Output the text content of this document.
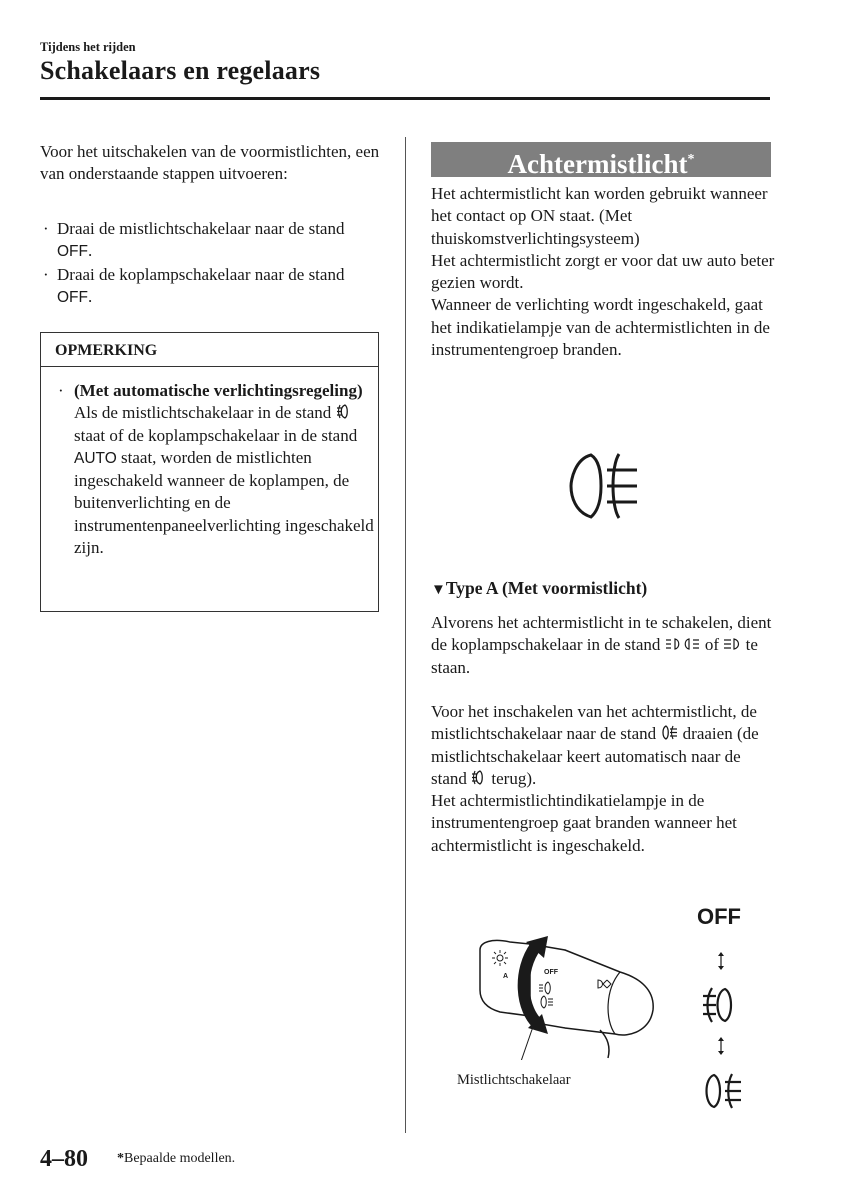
Tijdens het rijden
Schakelaars en regelaars

Voor het uitschakelen van de voormistlichten, een van onderstaande stappen uitvoeren:

· Draai de mistlichtschakelaar naar de stand OFF.
· Draai de koplampschakelaar naar de stand OFF.
OPMERKING
· (Met automatische verlichtingsregeling)
Als de mistlichtschakelaar in de stand  staat of de koplampschakelaar in de stand AUTO staat, worden de mistlichten ingeschakeld wanneer de koplampen, de buitenverlichting en de instrumentenpaneelverlichting ingeschakeld zijn.
Achtermistlicht*
Het achtermistlicht kan worden gebruikt wanneer het contact op ON staat. (Met thuiskomstverlichtingsysteem)
Het achtermistlicht zorgt er voor dat uw auto beter gezien wordt.
Wanneer de verlichting wordt ingeschakeld, gaat het indikatielampje van de achtermistlichten in de instrumentengroep branden.
▼Type A (Met voormistlicht)
Alvorens het achtermistlicht in te schakelen, dient de koplampschakelaar in de stand  of  te staan.
Voor het inschakelen van het achtermistlicht, de mistlichtschakelaar naar de stand  draaien (de mistlichtschakelaar keert automatisch naar de stand  terug).
Het achtermistlichtindikatielampje in de instrumentengroep gaat branden wanneer het achtermistlicht is ingeschakeld.
OFF
A
OFF
Mistlichtschakelaar
4–80 *Bepaalde modellen.
